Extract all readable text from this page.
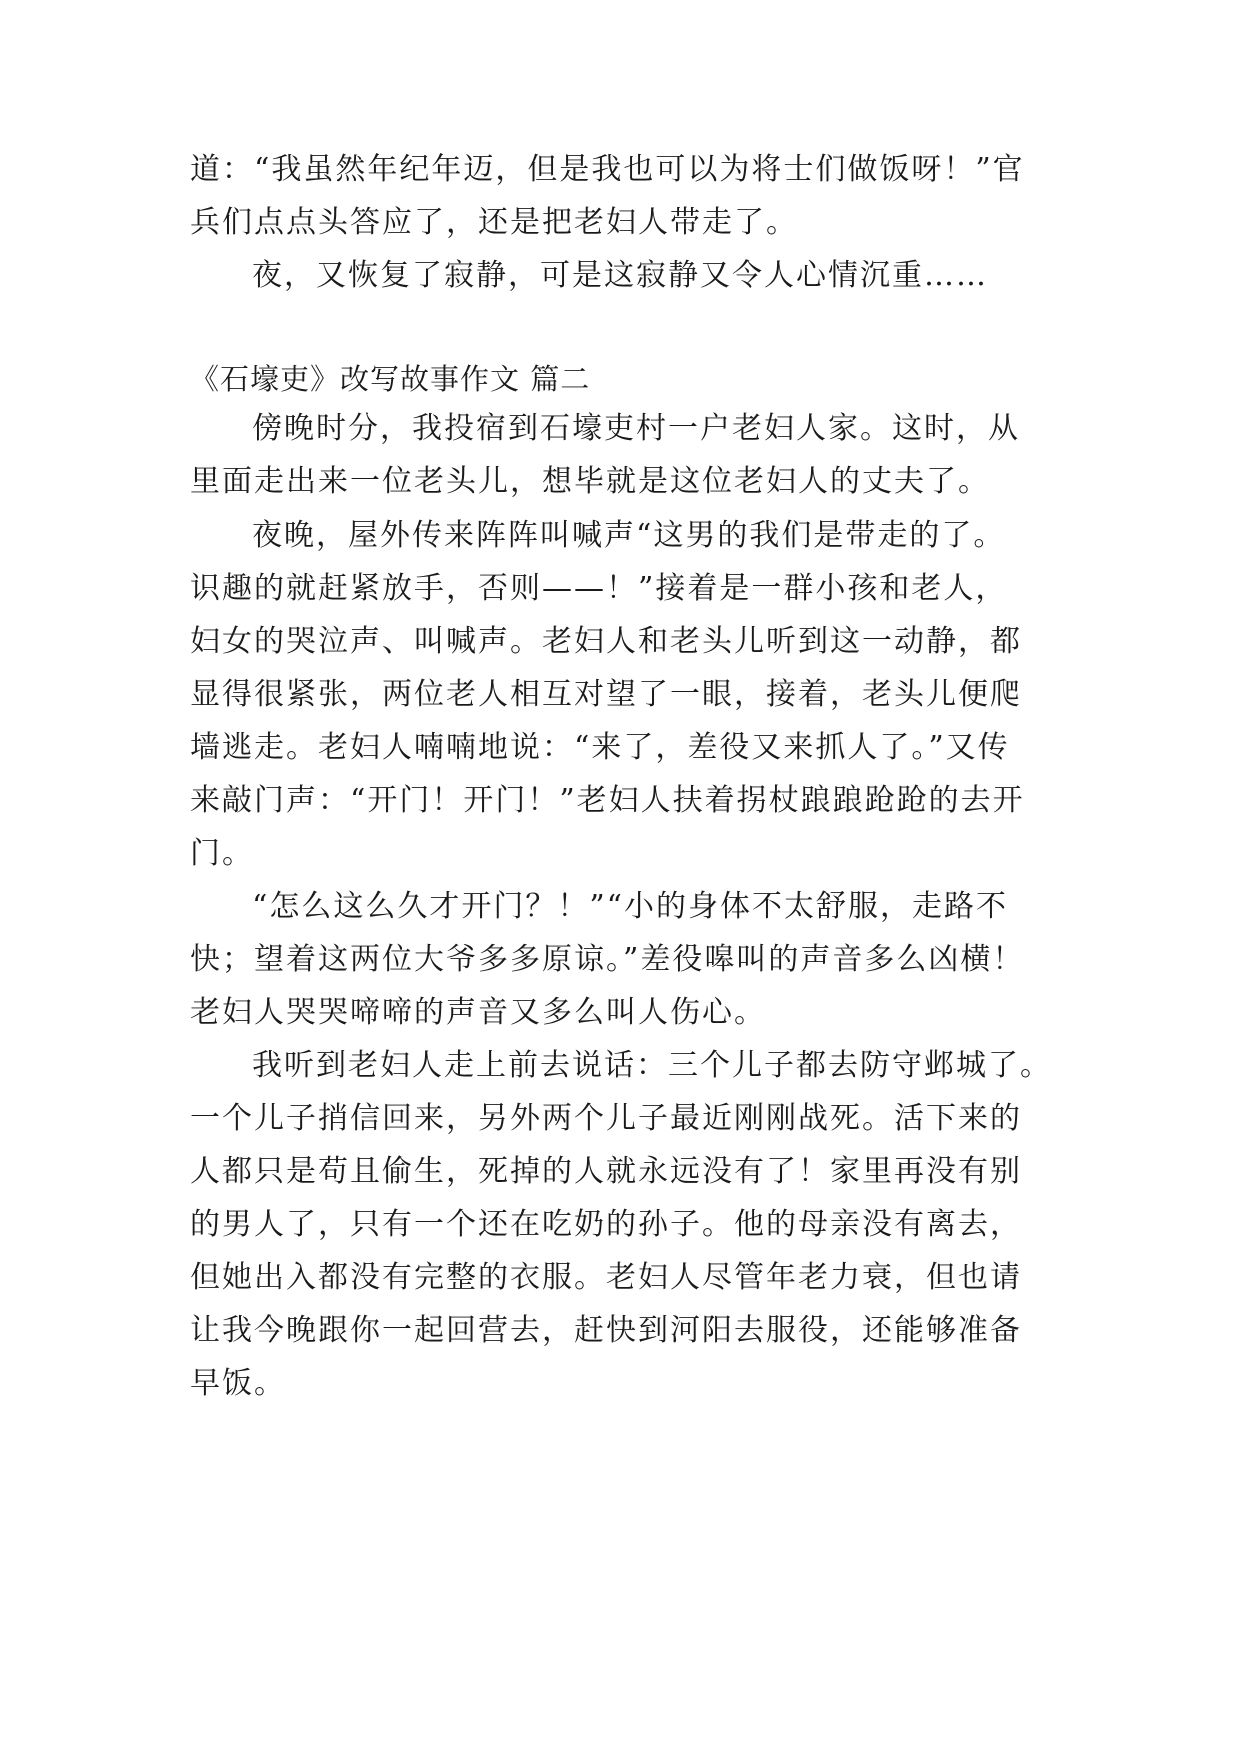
道：“我虽然年纪年迈，但是我也可以为将士们做饭呀！”官
兵们点点头答应了，还是把老妇人带走了。
夜，又恢复了寂静，可是这寂静又令人心情沉重……
《石壕吏》改写故事作文 篇二
傍晚时分，我投宿到石壕吏村一户老妇人家。这时，从
里面走出来一位老头儿，想毕就是这位老妇人的丈夫了。
夜晚，屋外传来阵阵叫喊声“这男的我们是带走的了。
识趣的就赶紧放手，否则——！”接着是一群小孩和老人，
妇女的哭泣声、叫喊声。老妇人和老头儿听到这一动静，都
显得很紧张，两位老人相互对望了一眼，接着，老头儿便爬
墙逃走。老妇人喃喃地说：“来了，差役又来抓人了。”又传
来敲门声：“开门！开门！”老妇人扶着拐杖踉踉跄跄的去开
门。
“怎么这么久才开门？！”“小的身体不太舒服，走路不
快；望着这两位大爷多多原谅。”差役嗥叫的声音多么凶横！
老妇人哭哭啼啼的声音又多么叫人伤心。
我听到老妇人走上前去说话：三个儿子都去防守邺城了。
一个儿子捎信回来，另外两个儿子最近刚刚战死。活下来的
人都只是苟且偷生，死掉的人就永远没有了！家里再没有别
的男人了，只有一个还在吃奶的孙子。他的母亲没有离去，
但她出入都没有完整的衣服。老妇人尽管年老力衰，但也请
让我今晚跟你一起回营去，赶快到河阳去服役，还能够准备
早饭。
